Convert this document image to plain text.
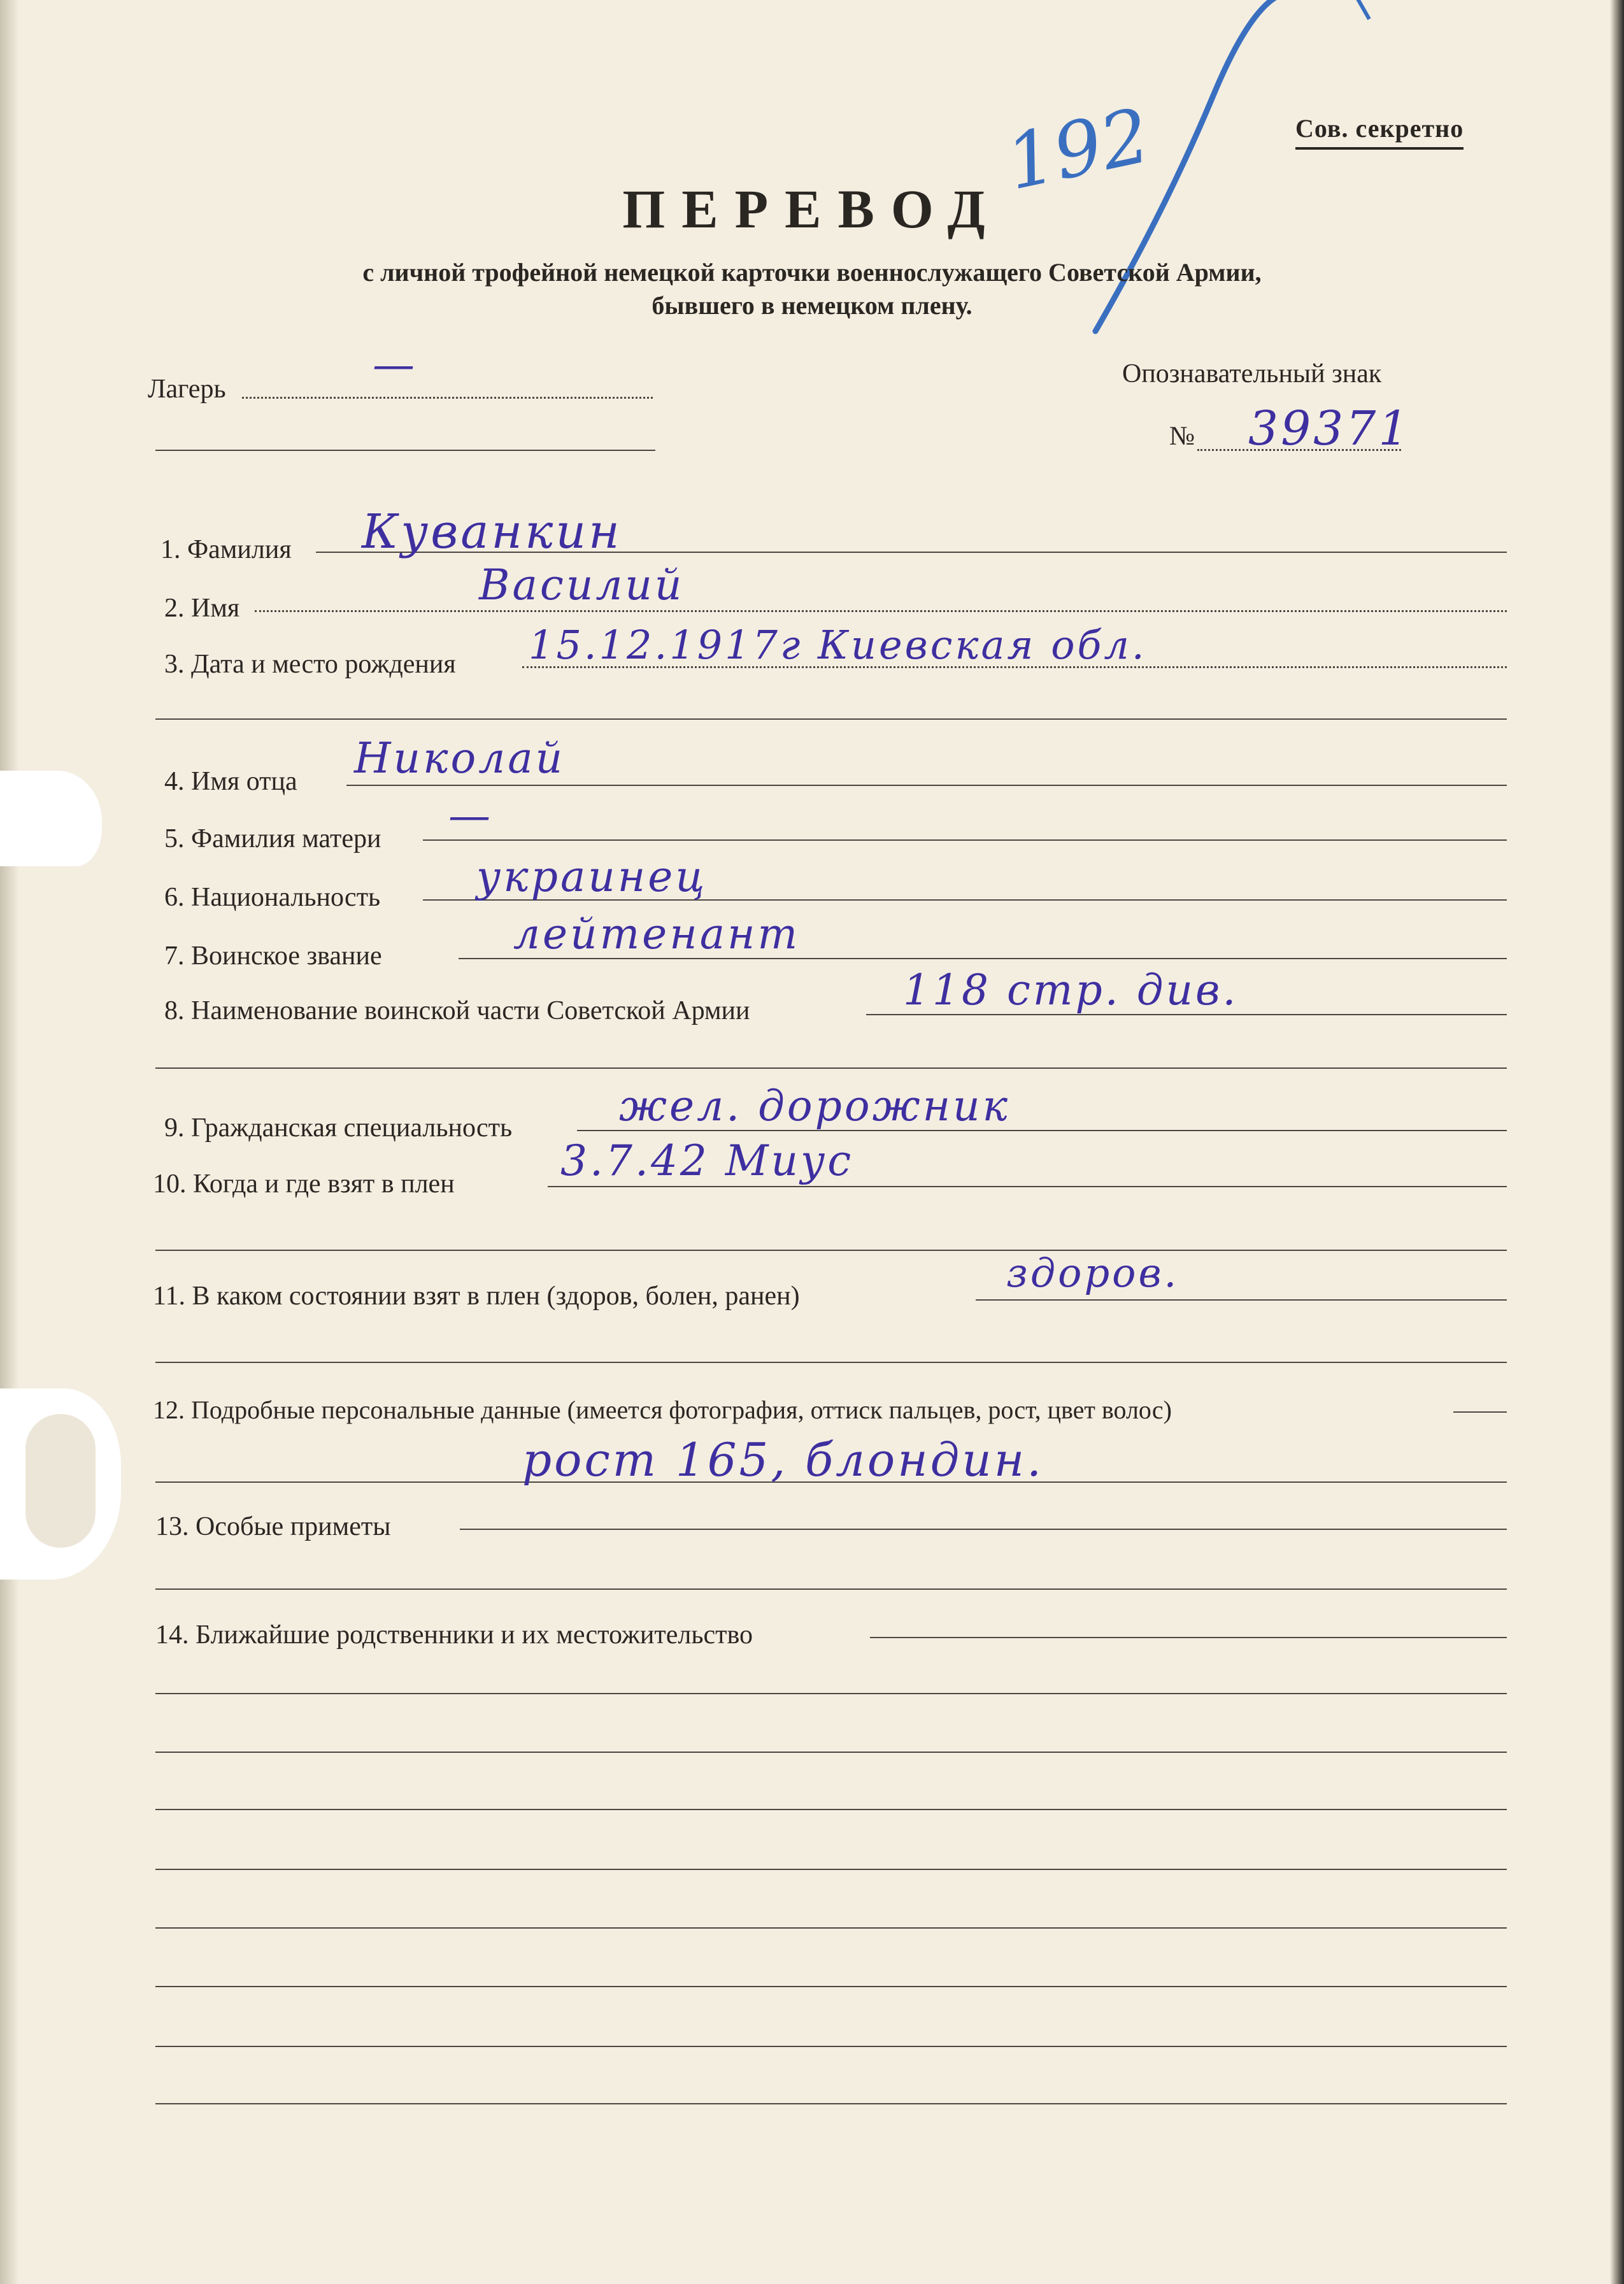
192	Сов. секретно
ПЕРЕВОД
с личной трофейной немецкой карточки военнослужащего Советской Армии,
бывшего в немецком плену.
Лагерь	—	Опознавательный знак
№ 39371
1. Фамилия Куванкин
2. Имя	Василий
3. Дата и место рождения 15.12.1917г Киевская обл.
4. Имя отца Николай
5. Фамилия матери —
6. Национальность украинец
7. Воинское звание	лейтенант
8. Наименование воинской части Советской Армии	118 стр. див.
9. Гражданская специальность	жел. дорожник
10. Когда и где взят в плен	3.7.42 Миус
11. В каком состоянии взят в плен (здоров, болен, ранен)	здоров.
12. Подробные персональные данные (имеется фотография, оттиск пальцев, рост, цвет волос)
рост 165, блондин.
13. Особые приметы
14. Ближайшие родственники и их местожительство
